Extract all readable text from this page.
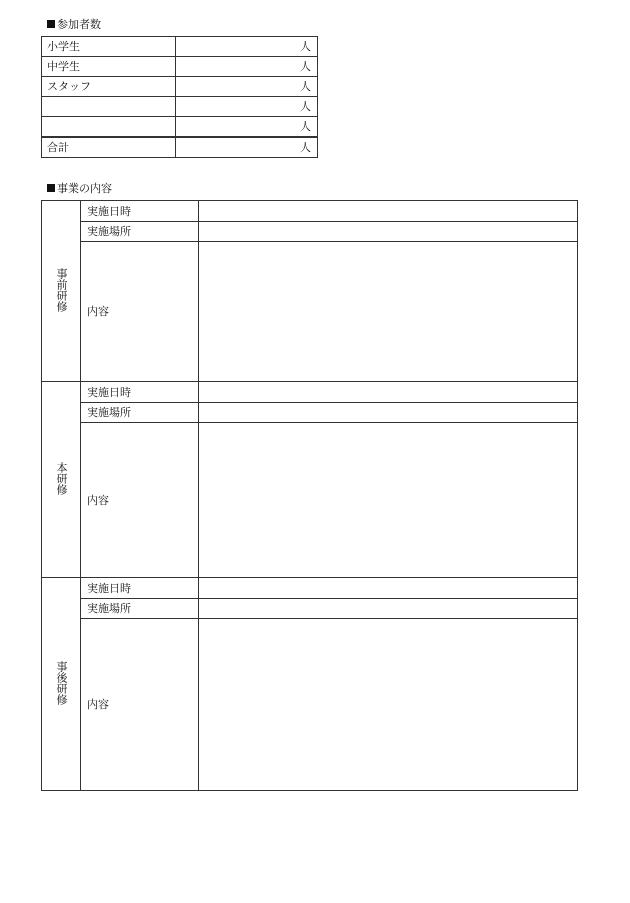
参加者数
小学生	人
中学生	人
スタッフ	人
	人
	人
合計	人
事業の内容
事前研修	実施日時	
	実施場所	
	内容	
本研修	実施日時	
	実施場所	
	内容	
事後研修	実施日時	
	実施場所	
	内容	
